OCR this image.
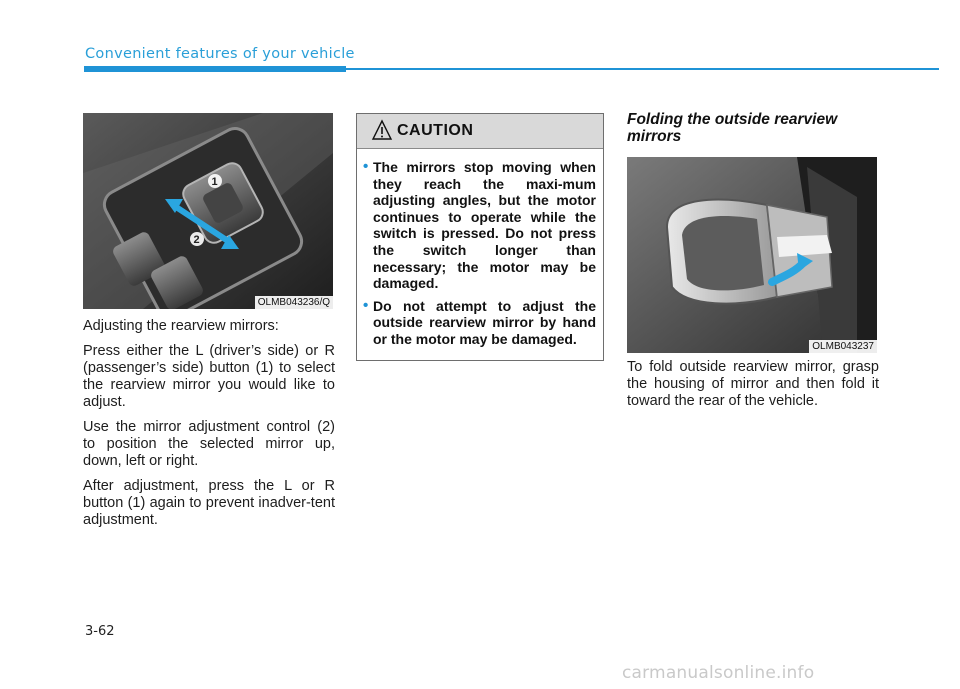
Convenient features of your vehicle
1
2
OLMB043236/Q

Adjusting the rearview mirrors:

Press either the L (driver’s side) or R (passenger’s side) button (1) to select the rearview mirror you would like to adjust.

Use the mirror adjustment control (2) to position the selected mirror up, down, left or right.

After adjustment, press the L or R button (1) again to prevent inadver-tent adjustment.

CAUTION
• The mirrors stop moving when they reach the maxi-mum adjusting angles, but the motor continues to operate while the switch is pressed. Do not press the switch longer than necessary; the motor may be damaged.
• Do not attempt to adjust the outside rearview mirror by hand or the motor may be damaged.
Folding the outside rearview mirrors
OLMB043237

To fold outside rearview mirror, grasp the housing of mirror and then fold it toward the rear of the vehicle.

3-62
carmanualsonline.info
